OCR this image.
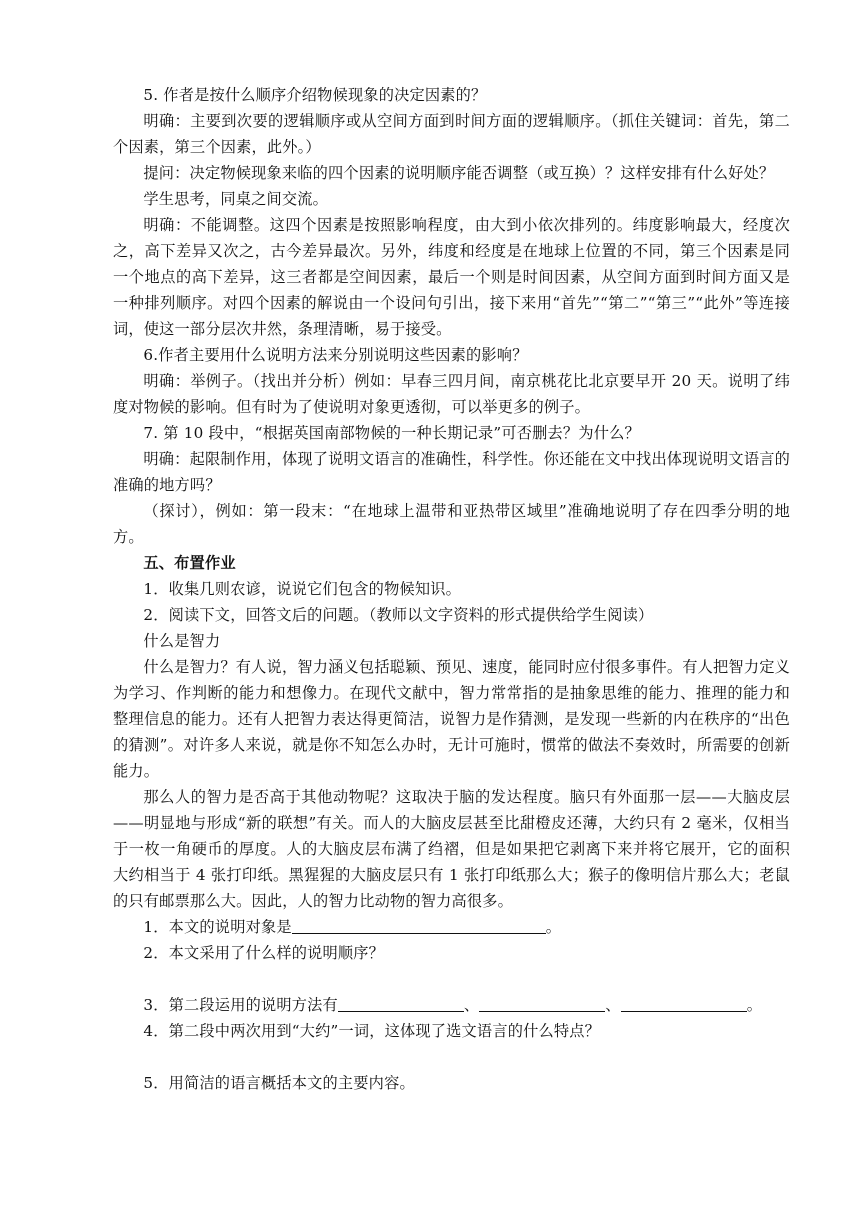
5. 作者是按什么顺序介绍物候现象的决定因素的？

明确：主要到次要的逻辑顺序或从空间方面到时间方面的逻辑顺序。（抓住关键词：首先，第二个因素，第三个因素，此外。）

提问：决定物候现象来临的四个因素的说明顺序能否调整（或互换）？这样安排有什么好处？

学生思考，同桌之间交流。

明确：不能调整。这四个因素是按照影响程度，由大到小依次排列的。纬度影响最大，经度次之，高下差异又次之，古今差异最次。另外，纬度和经度是在地球上位置的不同，第三个因素是同一个地点的高下差异，这三者都是空间因素，最后一个则是时间因素，从空间方面到时间方面又是一种排列顺序。对四个因素的解说由一个设问句引出，接下来用“首先”“第二”“第三”“此外”等连接词，使这一部分层次井然，条理清晰，易于接受。

6.作者主要用什么说明方法来分别说明这些因素的影响？

明确：举例子。（找出并分析）例如：早春三四月间，南京桃花比北京要早开 20 天。说明了纬度对物候的影响。但有时为了使说明对象更透彻，可以举更多的例子。

7. 第 10 段中，“根据英国南部物候的一种长期记录”可否删去？为什么？

明确：起限制作用，体现了说明文语言的准确性，科学性。你还能在文中找出体现说明文语言的准确的地方吗？

（探讨），例如：第一段末：“在地球上温带和亚热带区域里”准确地说明了存在四季分明的地方。

五、布置作业

1．收集几则农谚，说说它们包含的物候知识。

2．阅读下文，回答文后的问题。（教师以文字资料的形式提供给学生阅读）

什么是智力

什么是智力？有人说，智力涵义包括聪颖、预见、速度，能同时应付很多事件。有人把智力定义为学习、作判断的能力和想像力。在现代文献中，智力常常指的是抽象思维的能力、推理的能力和整理信息的能力。还有人把智力表达得更简洁，说智力是作猜测，是发现一些新的内在秩序的“出色的猜测”。对许多人来说，就是你不知怎么办时，无计可施时，惯常的做法不奏效时，所需要的创新能力。

那么人的智力是否高于其他动物呢？这取决于脑的发达程度。脑只有外面那一层——大脑皮层——明显地与形成“新的联想”有关。而人的大脑皮层甚至比甜橙皮还薄，大约只有 2 毫米，仅相当于一枚一角硬币的厚度。人的大脑皮层布满了绉褶，但是如果把它剥离下来并将它展开，它的面积大约相当于 4 张打印纸。黑猩猩的大脑皮层只有 1 张打印纸那么大；猴子的像明信片那么大；老鼠的只有邮票那么大。因此，人的智力比动物的智力高很多。

1．本文的说明对象是	。

2．本文采用了什么样的说明顺序？

3．第二段运用的说明方法有	、	、	。

4．第二段中两次用到“大约”一词，这体现了选文语言的什么特点？

5．用简洁的语言概括本文的主要内容。
